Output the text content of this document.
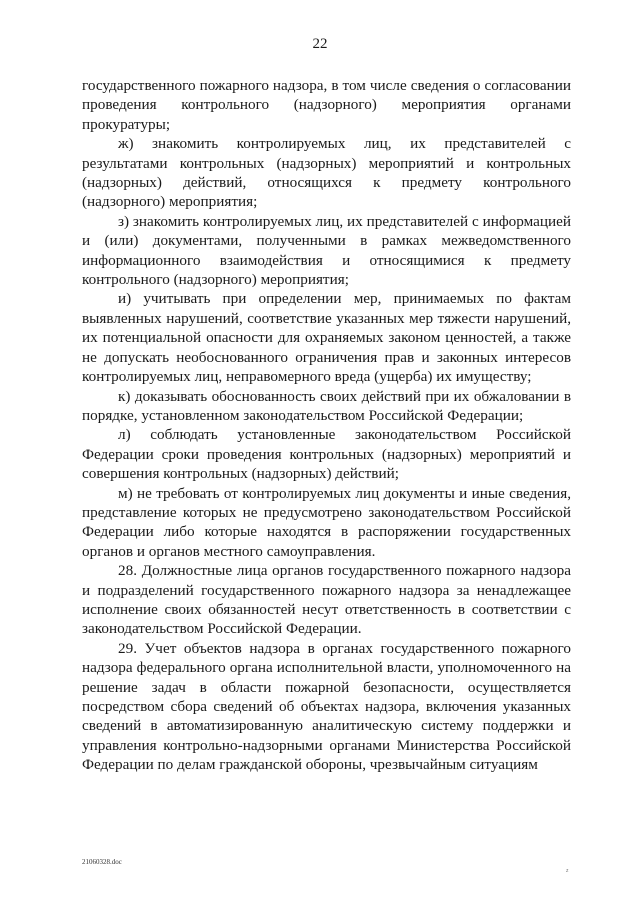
22

государственного пожарного надзора, в том числе сведения о согласовании проведения контрольного (надзорного) мероприятия органами прокуратуры;

ж) знакомить контролируемых лиц, их представителей с результатами контрольных (надзорных) мероприятий и контрольных (надзорных) действий, относящихся к предмету контрольного (надзорного) мероприятия;

з) знакомить контролируемых лиц, их представителей с информацией и (или) документами, полученными в рамках межведомственного информационного взаимодействия и относящимися к предмету контрольного (надзорного) мероприятия;

и) учитывать при определении мер, принимаемых по фактам выявленных нарушений, соответствие указанных мер тяжести нарушений, их потенциальной опасности для охраняемых законом ценностей, а также не допускать необоснованного ограничения прав и законных интересов контролируемых лиц, неправомерного вреда (ущерба) их имуществу;

к) доказывать обоснованность своих действий при их обжаловании в порядке, установленном законодательством Российской Федерации;

л) соблюдать установленные законодательством Российской Федерации сроки проведения контрольных (надзорных) мероприятий и совершения контрольных (надзорных) действий;

м) не требовать от контролируемых лиц документы и иные сведения, представление которых не предусмотрено законодательством Российской Федерации либо которые находятся в распоряжении государственных органов и органов местного самоуправления.

28. Должностные лица органов государственного пожарного надзора и подразделений государственного пожарного надзора за ненадлежащее исполнение своих обязанностей несут ответственность в соответствии с законодательством Российской Федерации.

29. Учет объектов надзора в органах государственного пожарного надзора федерального органа исполнительной власти, уполномоченного на решение задач в области пожарной безопасности, осуществляется посредством сбора сведений об объектах надзора, включения указанных сведений в автоматизированную аналитическую систему поддержки и управления контрольно-надзорными органами Министерства Российской Федерации по делам гражданской обороны, чрезвычайным ситуациям

21060328.doc
z
